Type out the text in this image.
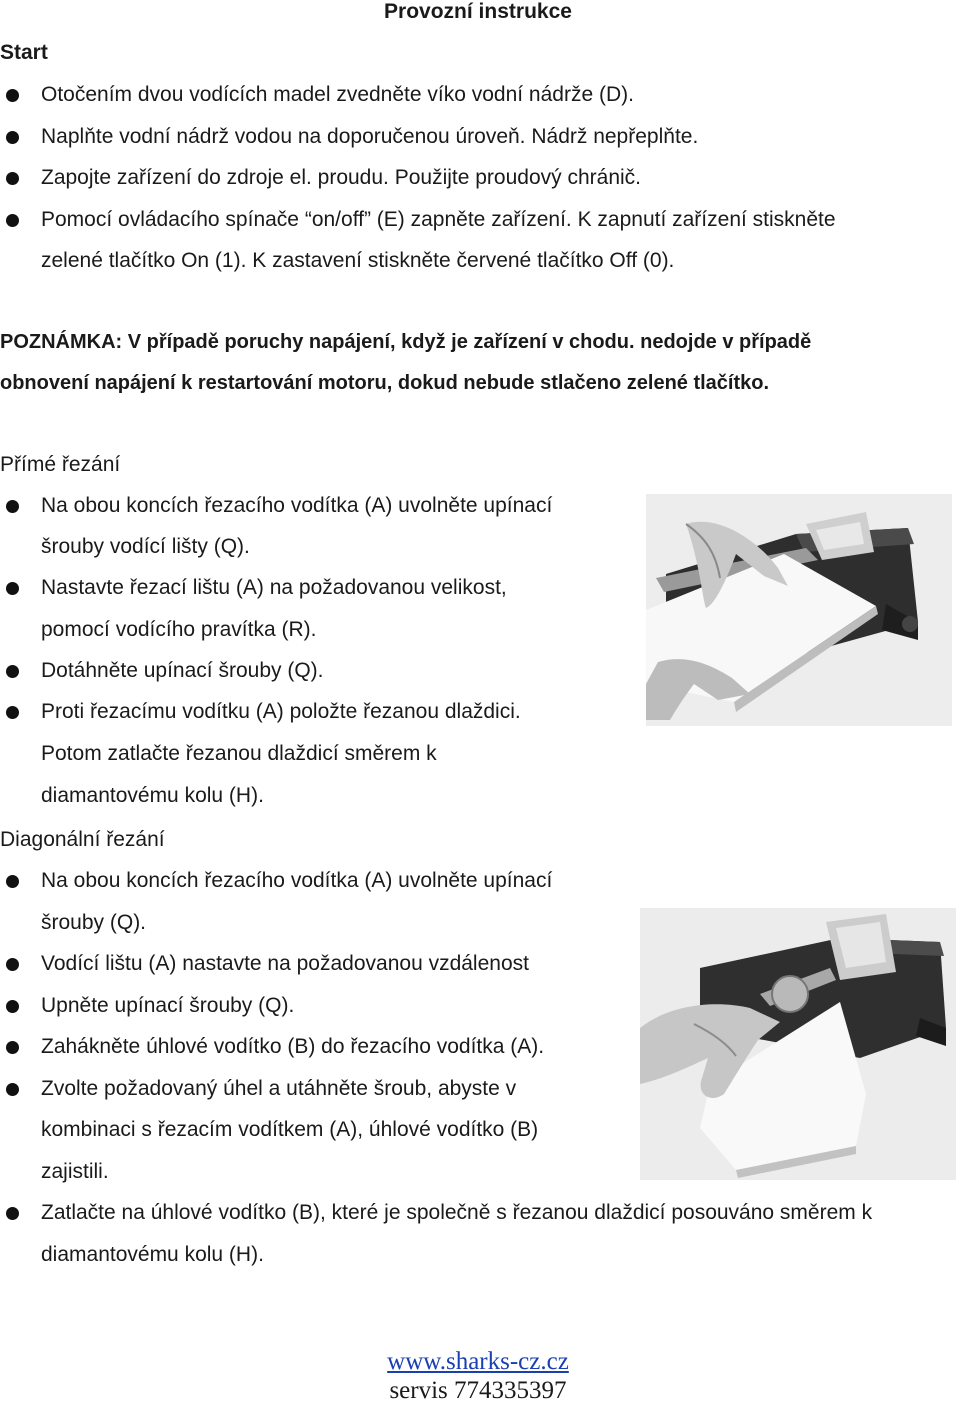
Provozní instrukce
Start
Otočením dvou vodících madel zvedněte víko vodní nádrže (D).
Naplňte vodní nádrž vodou na doporučenou úroveň. Nádrž nepřeplňte.
Zapojte zařízení do zdroje el. proudu. Použijte proudový chránič.
Pomocí ovládacího spínače “on/off” (E) zapněte zařízení. K zapnutí zařízení stiskněte
zelené tlačítko On (1). K zastavení stiskněte červené tlačítko Off (0).
POZNÁMKA: V případě poruchy napájení, když je zařízení v chodu. nedojde v případě
obnovení napájení k restartování motoru, dokud nebude stlačeno zelené tlačítko.
Přímé řezání
Na obou koncích řezacího vodítka (A) uvolněte upínací
šrouby vodící lišty (Q).
Nastavte řezací lištu (A) na požadovanou velikost,
pomocí vodícího pravítka (R).
Dotáhněte upínací šrouby (Q).
Proti řezacímu vodítku (A) položte řezanou dlaždici.
Potom zatlačte řezanou dlaždicí směrem k
diamantovému kolu (H).
Diagonální řezání
Na obou koncích řezacího vodítka (A) uvolněte upínací
šrouby (Q).
Vodící lištu (A) nastavte na požadovanou vzdálenost
Upněte upínací šrouby (Q).
Zahákněte úhlové vodítko (B) do řezacího vodítka (A).
Zvolte požadovaný úhel a utáhněte šroub, abyste v
kombinaci s řezacím vodítkem (A), úhlové vodítko (B)
zajistili.
Zatlačte na úhlové vodítko (B), které je společně s řezanou dlaždicí posouváno směrem k
diamantovému kolu (H).
www.sharks-cz.cz
servis 774335397
